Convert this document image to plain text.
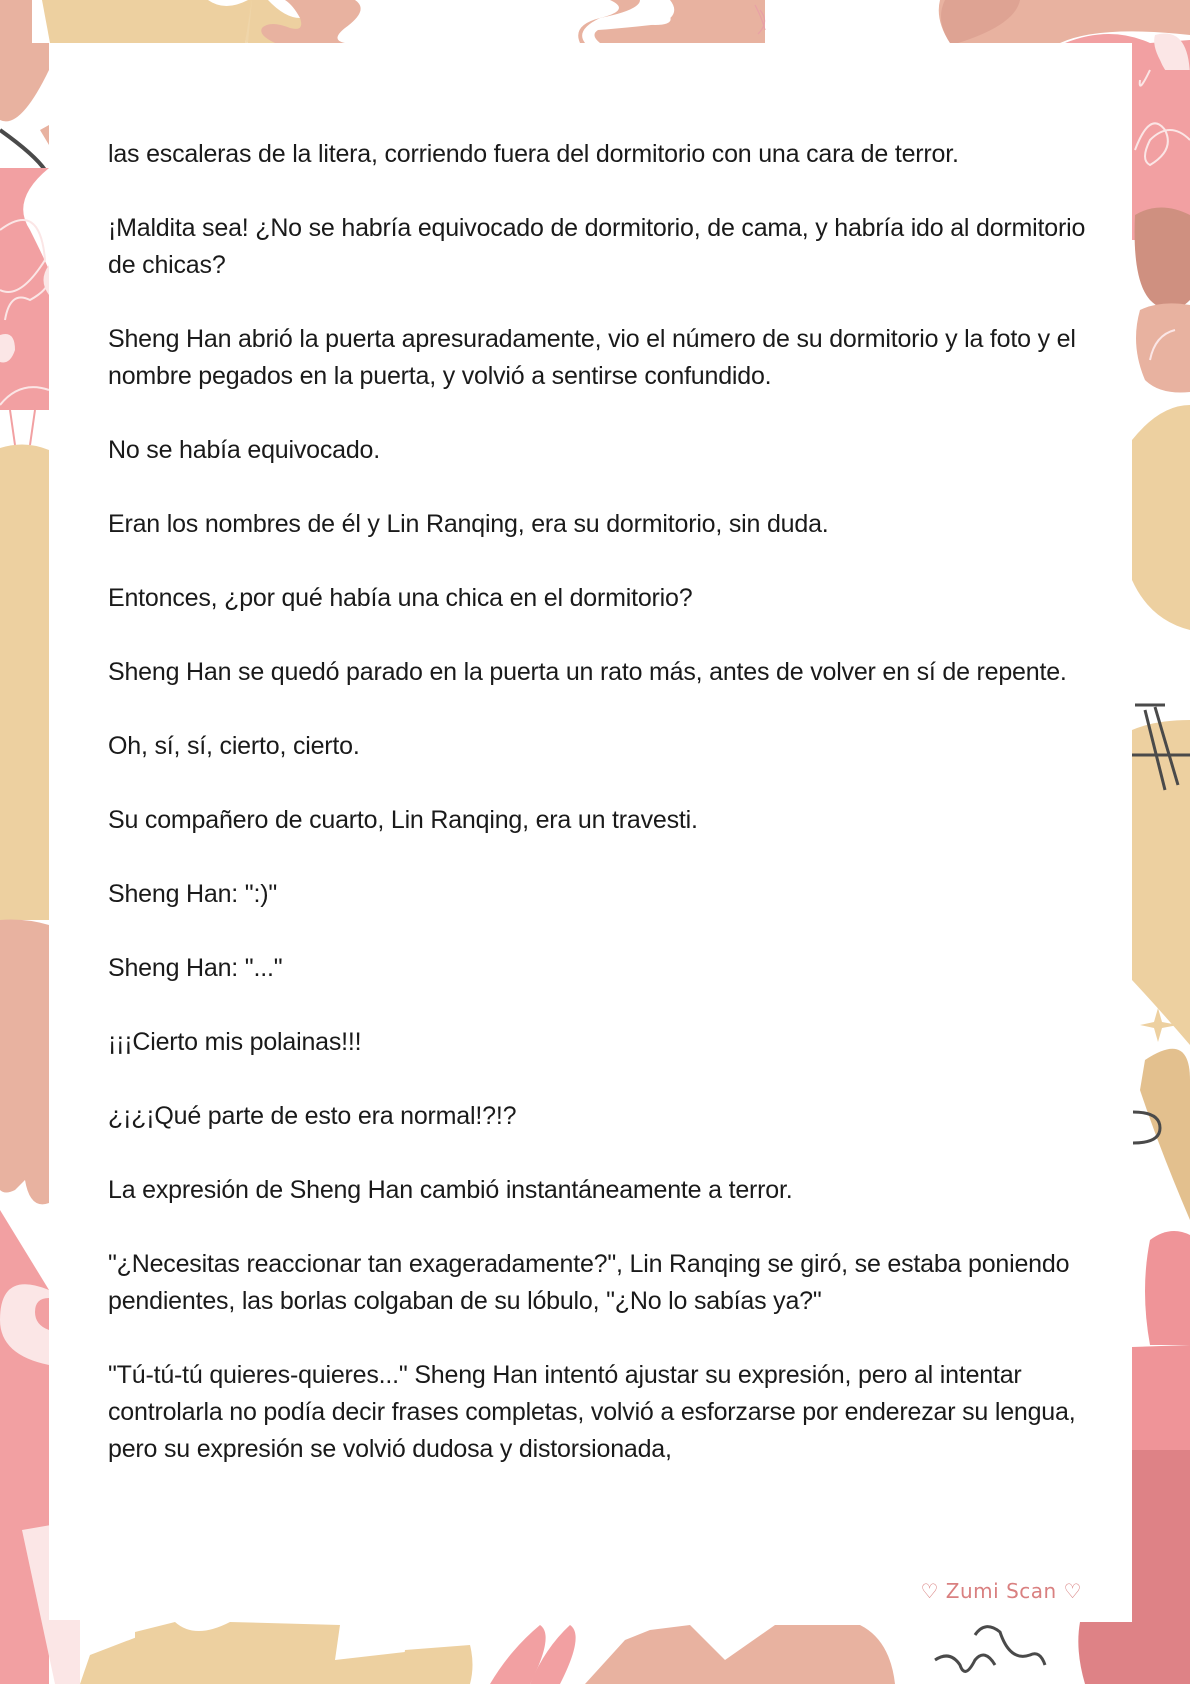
las escaleras de la litera, corriendo fuera del dormitorio con una cara de terror.

¡Maldita sea! ¿No se habría equivocado de dormitorio, de cama, y habría ido al dormitorio de chicas?

Sheng Han abrió la puerta apresuradamente, vio el número de su dormitorio y la foto y el nombre pegados en la puerta, y volvió a sentirse confundido.

No se había equivocado.

Eran los nombres de él y Lin Ranqing, era su dormitorio, sin duda.

Entonces, ¿por qué había una chica en el dormitorio?

Sheng Han se quedó parado en la puerta un rato más, antes de volver en sí de repente.

Oh, sí, sí, cierto, cierto.

Su compañero de cuarto, Lin Ranqing, era un travesti.

Sheng Han: ":)"

Sheng Han: "..."

¡¡¡Cierto mis polainas!!!

¿¡¿¡Qué parte de esto era normal!?!?

La expresión de Sheng Han cambió instantáneamente a terror.

"¿Necesitas reaccionar tan exageradamente?", Lin Ranqing se giró, se estaba poniendo pendientes, las borlas colgaban de su lóbulo, "¿No lo sabías ya?"

"Tú-tú-tú quieres-quieres..." Sheng Han intentó ajustar su expresión, pero al intentar controlarla no podía decir frases completas, volvió a esforzarse por enderezar su lengua, pero su expresión se volvió dudosa y distorsionada,

♡ Zumi Scan ♡
